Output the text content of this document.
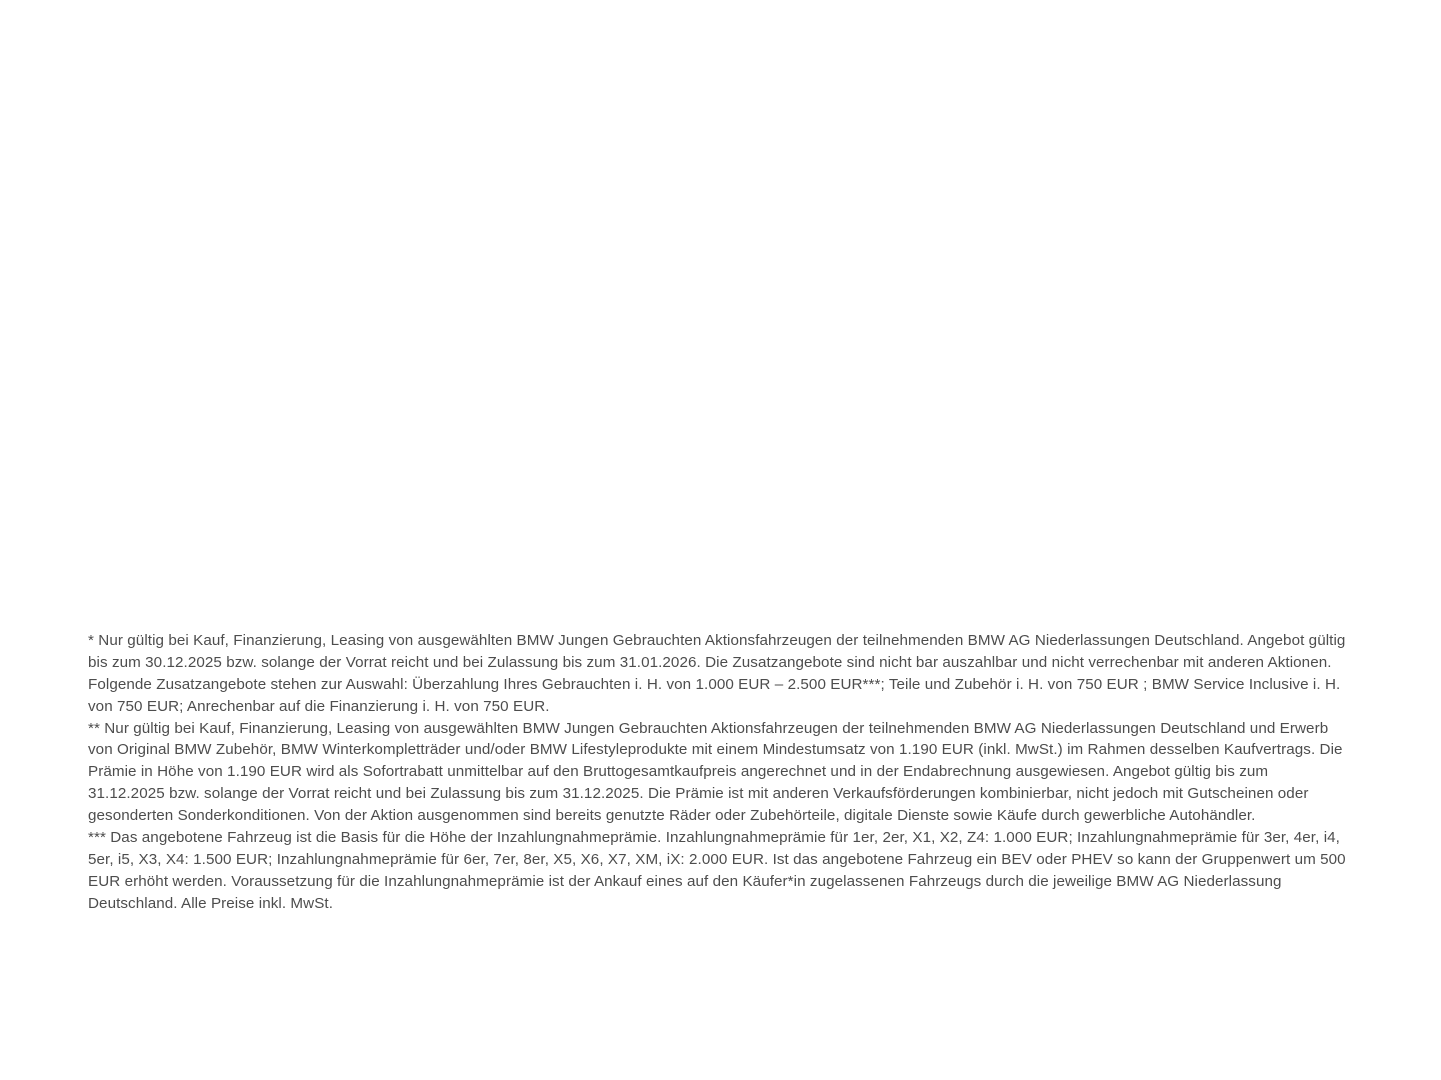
* Nur gültig bei Kauf, Finanzierung, Leasing von ausgewählten BMW Jungen Gebrauchten Aktionsfahrzeugen der teilnehmenden BMW AG Niederlassungen Deutschland. Angebot gültig bis zum 30.12.2025 bzw. solange der Vorrat reicht und bei Zulassung bis zum 31.01.2026. Die Zusatzangebote sind nicht bar auszahlbar und nicht verrechenbar mit anderen Aktionen. Folgende Zusatzangebote stehen zur Auswahl: Überzahlung Ihres Gebrauchten i. H. von 1.000 EUR – 2.500 EUR***; Teile und Zubehör i. H. von 750 EUR ; BMW Service Inclusive i. H. von 750 EUR; Anrechenbar auf die Finanzierung i. H. von 750 EUR.

** Nur gültig bei Kauf, Finanzierung, Leasing von ausgewählten BMW Jungen Gebrauchten Aktionsfahrzeugen der teilnehmenden BMW AG Niederlassungen Deutschland und Erwerb von Original BMW Zubehör, BMW Winterkompletträder und/oder BMW Lifestyleprodukte mit einem Mindestumsatz von 1.190 EUR (inkl. MwSt.) im Rahmen desselben Kaufvertrags. Die Prämie in Höhe von 1.190 EUR wird als Sofortrabatt unmittelbar auf den Bruttogesamtkaufpreis angerechnet und in der Endabrechnung ausgewiesen. Angebot gültig bis zum 31.12.2025 bzw. solange der Vorrat reicht und bei Zulassung bis zum 31.12.2025. Die Prämie ist mit anderen Verkaufsförderungen kombinierbar, nicht jedoch mit Gutscheinen oder gesonderten Sonderkonditionen. Von der Aktion ausgenommen sind bereits genutzte Räder oder Zubehörteile, digitale Dienste sowie Käufe durch gewerbliche Autohändler.

*** Das angebotene Fahrzeug ist die Basis für die Höhe der Inzahlungnahmeprämie. Inzahlungnahmeprämie für 1er, 2er, X1, X2, Z4: 1.000 EUR; Inzahlungnahmeprämie für 3er, 4er, i4, 5er, i5, X3, X4: 1.500 EUR; Inzahlungnahmeprämie für 6er, 7er, 8er, X5, X6, X7, XM, iX: 2.000 EUR. Ist das angebotene Fahrzeug ein BEV oder PHEV so kann der Gruppenwert um 500 EUR erhöht werden. Voraussetzung für die Inzahlungnahmeprämie ist der Ankauf eines auf den Käufer*in zugelassenen Fahrzeugs durch die jeweilige BMW AG Niederlassung Deutschland. Alle Preise inkl. MwSt.
